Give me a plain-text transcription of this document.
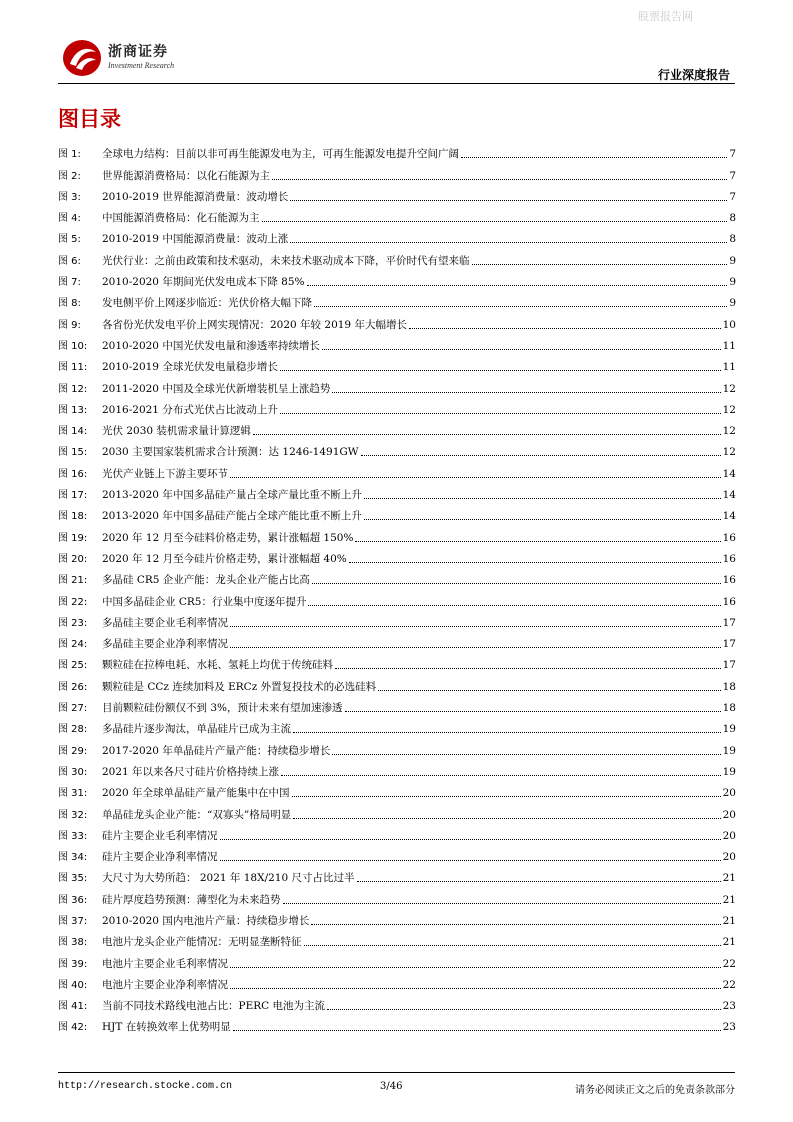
股票报告网
浙商证券
Investment Research
行业深度报告
图目录
图 1:	全球电力结构：目前以非可再生能源发电为主，可再生能源发电提升空间广阔	7
图 2:	世界能源消费格局：以化石能源为主	7
图 3:	2010-2019 世界能源消费量：波动增长	7
图 4:	中国能源消费格局：化石能源为主	8
图 5:	2010-2019 中国能源消费量：波动上涨	8
图 6:	光伏行业：之前由政策和技术驱动，未来技术驱动成本下降，平价时代有望来临	9
图 7:	2010-2020 年期间光伏发电成本下降 85%	9
图 8:	发电侧平价上网逐步临近：光伏价格大幅下降	9
图 9:	各省份光伏发电平价上网实现情况：2020 年较 2019 年大幅增长	10
图 10:	2010-2020 中国光伏发电量和渗透率持续增长	11
图 11:	2010-2019 全球光伏发电量稳步增长	11
图 12:	2011-2020 中国及全球光伏新增装机呈上涨趋势	12
图 13:	2016-2021 分布式光伏占比波动上升	12
图 14:	光伏 2030 装机需求量计算逻辑	12
图 15:	2030 主要国家装机需求合计预测：达 1246-1491GW	12
图 16:	光伏产业链上下游主要环节	14
图 17:	2013-2020 年中国多晶硅产量占全球产量比重不断上升	14
图 18:	2013-2020 年中国多晶硅产能占全球产能比重不断上升	14
图 19:	2020 年 12 月至今硅料价格走势，累计涨幅超 150%	16
图 20:	2020 年 12 月至今硅片价格走势，累计涨幅超 40%	16
图 21:	多晶硅 CR5 企业产能：龙头企业产能占比高	16
图 22:	中国多晶硅企业 CR5：行业集中度逐年提升	16
图 23:	多晶硅主要企业毛利率情况	17
图 24:	多晶硅主要企业净利率情况	17
图 25:	颗粒硅在拉棒电耗、水耗、氢耗上均优于传统硅料	17
图 26:	颗粒硅是 CCz 连续加料及 ERCz 外置复投技术的必选硅料	18
图 27:	目前颗粒硅份额仅不到 3%，预计未来有望加速渗透	18
图 28:	多晶硅片逐步淘汰，单晶硅片已成为主流	19
图 29:	2017-2020 年单晶硅片产量产能：持续稳步增长	19
图 30:	2021 年以来各尺寸硅片价格持续上涨	19
图 31:	2020 年全球单晶硅产量产能集中在中国	20
图 32:	单晶硅龙头企业产能：“双寡头”格局明显	20
图 33:	硅片主要企业毛利率情况	20
图 34:	硅片主要企业净利率情况	20
图 35:	大尺寸为大势所趋： 2021 年 18X/210 尺寸占比过半	21
图 36:	硅片厚度趋势预测：薄型化为未来趋势	21
图 37:	2010-2020 国内电池片产量：持续稳步增长	21
图 38:	电池片龙头企业产能情况：无明显垄断特征	21
图 39:	电池片主要企业毛利率情况	22
图 40:	电池片主要企业净利率情况	22
图 41:	当前不同技术路线电池占比：PERC 电池为主流	23
图 42:	HJT 在转换效率上优势明显	23
http://research.stocke.com.cn	3/46	请务必阅读正文之后的免责条款部分
